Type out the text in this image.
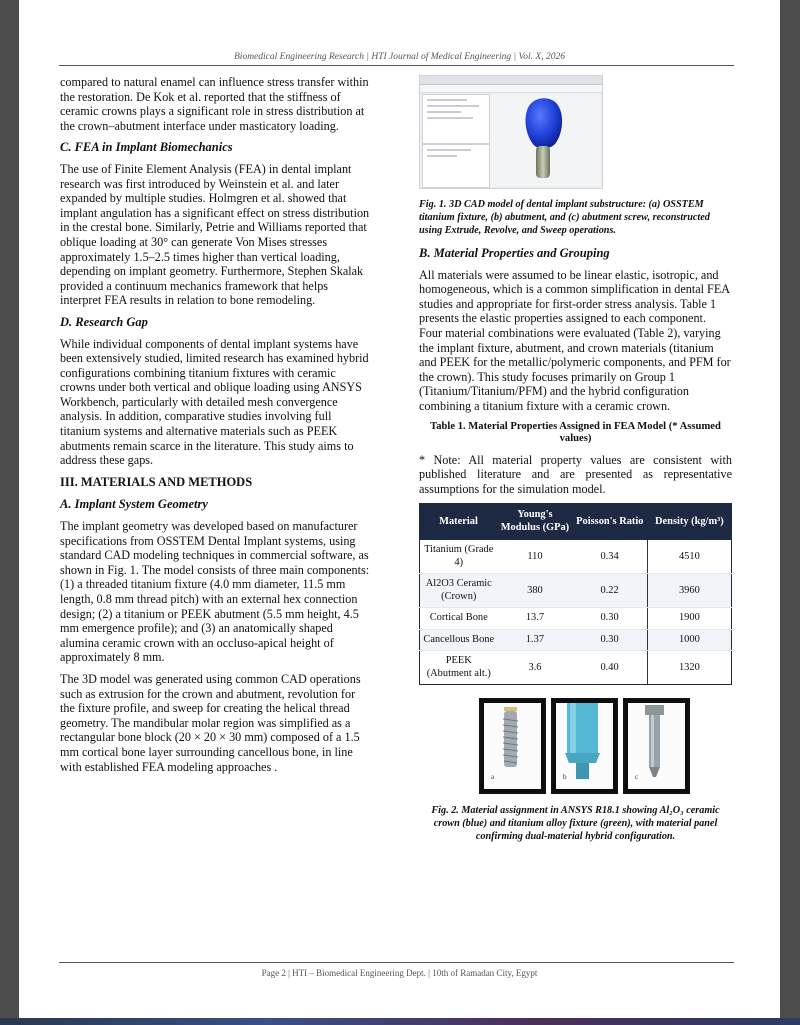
Biomedical Engineering Research | HTI Journal of Medical Engineering | Vol. X, 2026

compared to natural enamel can influence stress transfer within the restoration. De Kok et al. reported that the stiffness of ceramic crowns plays a significant role in stress distribution at the crown–abutment interface under masticatory loading.

C. FEA in Implant Biomechanics

The use of Finite Element Analysis (FEA) in dental implant research was first introduced by Weinstein et al. and later expanded by multiple studies. Holmgren et al. showed that implant angulation has a significant effect on stress distribution in the crestal bone. Similarly, Petrie and Williams reported that oblique loading at 30° can generate Von Mises stresses approximately 1.5–2.5 times higher than vertical loading, depending on implant geometry. Furthermore, Stephen Skalak provided a continuum mechanics framework that helps interpret FEA results in relation to bone remodeling.

D. Research Gap

While individual components of dental implant systems have been extensively studied, limited research has examined hybrid configurations combining titanium fixtures with ceramic crowns under both vertical and oblique loading using ANSYS Workbench, particularly with detailed mesh convergence analysis. In addition, comparative studies involving full titanium systems and alternative materials such as PEEK abutments remain scarce in the literature. This study aims to address these gaps.

III. MATERIALS AND METHODS
A. Implant System Geometry

The implant geometry was developed based on manufacturer specifications from OSSTEM Dental Implant systems, using standard CAD modeling techniques in commercial software, as shown in Fig. 1. The model consists of three main components: (1) a threaded titanium fixture (4.0 mm diameter, 11.5 mm length, 0.8 mm thread pitch) with an external hex connection design; (2) a titanium or PEEK abutment (5.5 mm height, 4.5 mm emergence profile); and (3) an anatomically shaped alumina ceramic crown with an occluso-apical height of approximately 8 mm.

The 3D model was generated using common CAD operations such as extrusion for the crown and abutment, revolution for the fixture profile, and sweep for creating the helical thread geometry. The mandibular molar region was simplified as a rectangular bone block (20 × 20 × 30 mm) composed of a 1.5 mm cortical bone layer surrounding cancellous bone, in line with established FEA modeling approaches .

Fig. 1. 3D CAD model of dental implant substructure: (a) OSSTEM titanium fixture, (b) abutment, and (c) abutment screw, reconstructed using Extrude, Revolve, and Sweep operations.
B. Material Properties and Grouping

All materials were assumed to be linear elastic, isotropic, and homogeneous, which is a common simplification in dental FEA studies and appropriate for first-order stress analysis. Table 1 presents the elastic properties assigned to each component. Four material combinations were evaluated (Table 2), varying the implant fixture, abutment, and crown materials (titanium and PEEK for the metallic/polymeric components, and PFM for the crown). This study focuses primarily on Group 1 (Titanium/Titanium/PFM) and the hybrid configuration combining a titanium fixture with a ceramic crown.

Table 1. Material Properties Assigned in FEA Model (* Assumed values)

* Note: All material property values are consistent with published literature and are presented as representative assumptions for the simulation model.

Material	Young's Modulus (GPa)	Poisson's Ratio	Density (kg/m³)
Titanium (Grade 4)	110	0.34	4510
Al2O3 Ceramic (Crown)	380	0.22	3960
Cortical Bone	13.7	0.30	1900
Cancellous Bone	1.37	0.30	1000
PEEK (Abutment alt.)	3.6	0.40	1320
a	b	c
Fig. 2. Material assignment in ANSYS R18.1 showing Al₂O₃ ceramic crown (blue) and titanium alloy fixture (green), with material panel confirming dual-material hybrid configuration.
Page 2 | HTI – Biomedical Engineering Dept. | 10th of Ramadan City, Egypt
